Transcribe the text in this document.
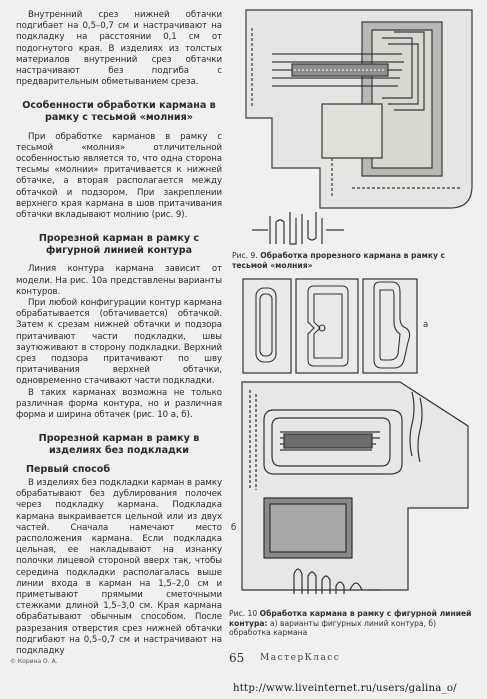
Внутренний срез нижней обтачки подгибает на 0,5–0,7 см и настрачивают на подкладку на расстоянии 0,1 см от подогнутого края. В изделиях из толстых материалов внутренний срез обтачки настрачивают без подгиба с предварительным обметыванием среза.

Особенности обработки кармана в рамку с тесьмой «молния»

При обработке карманов в рамку с тесьмой «молния» отличительной особенностью является то, что одна сторона тесьмы «молнии» притачивается к нижней обтачке, а вторая располагается между обтачкой и подзором. При закреплении верхнего края кармана в шов притачивания обтачки вкладывают молнию (рис. 9).

Прорезной карман в рамку с фигурной линией контура

Линия контура кармана зависит от модели. На рис. 10а представлены варианты контуров.

При любой конфигурации контур кармана обрабатывается (обтачивается) обтачкой. Затем к срезам нижней обтачки и подзора притачивают части подкладки, швы заутюживают в сторону подкладки. Верхний срез подзора притачивают по шву притачивания верхней обтачки, одновременно стачивают части подкладки.

В таких карманах возможна не только различная форма контура, но и различная форма и ширина обтачек (рис. 10 а, б).

Прорезной карман в рамку в изделиях без подкладки

Первый способ

В изделиях без подкладки карман в рамку обрабатывают без дублирования полочек через подкладку кармана. Подкладка кармана выкраивается цельной или из двух частей. Сначала намечают место расположения кармана. Если подкладка цельная, ее накладывают на изнанку полочки лицевой стороной вверх так, чтобы середина подкладки располагалась выше линии входа в карман на 1,5–2,0 см и приметывают прямыми сметочными стежками длиной 1,5–3,0 см. Края кармана обрабатывают обычным способом. После разрезания отверстия срез нижней обтачки подгибают на 0,5–0,7 см и настрачивают на подкладку

Рис. 9. Обработка прорезного кармана в рамку с тесьмой «молния»
а
б
Рис. 10 Обработка кармана в рамку с фигурной линией контура: а) варианты фигурных линий контура, б) обработка кармана
© Корина О. А.	65 МастерКласс
http://www.liveinternet.ru/users/galina_o/
